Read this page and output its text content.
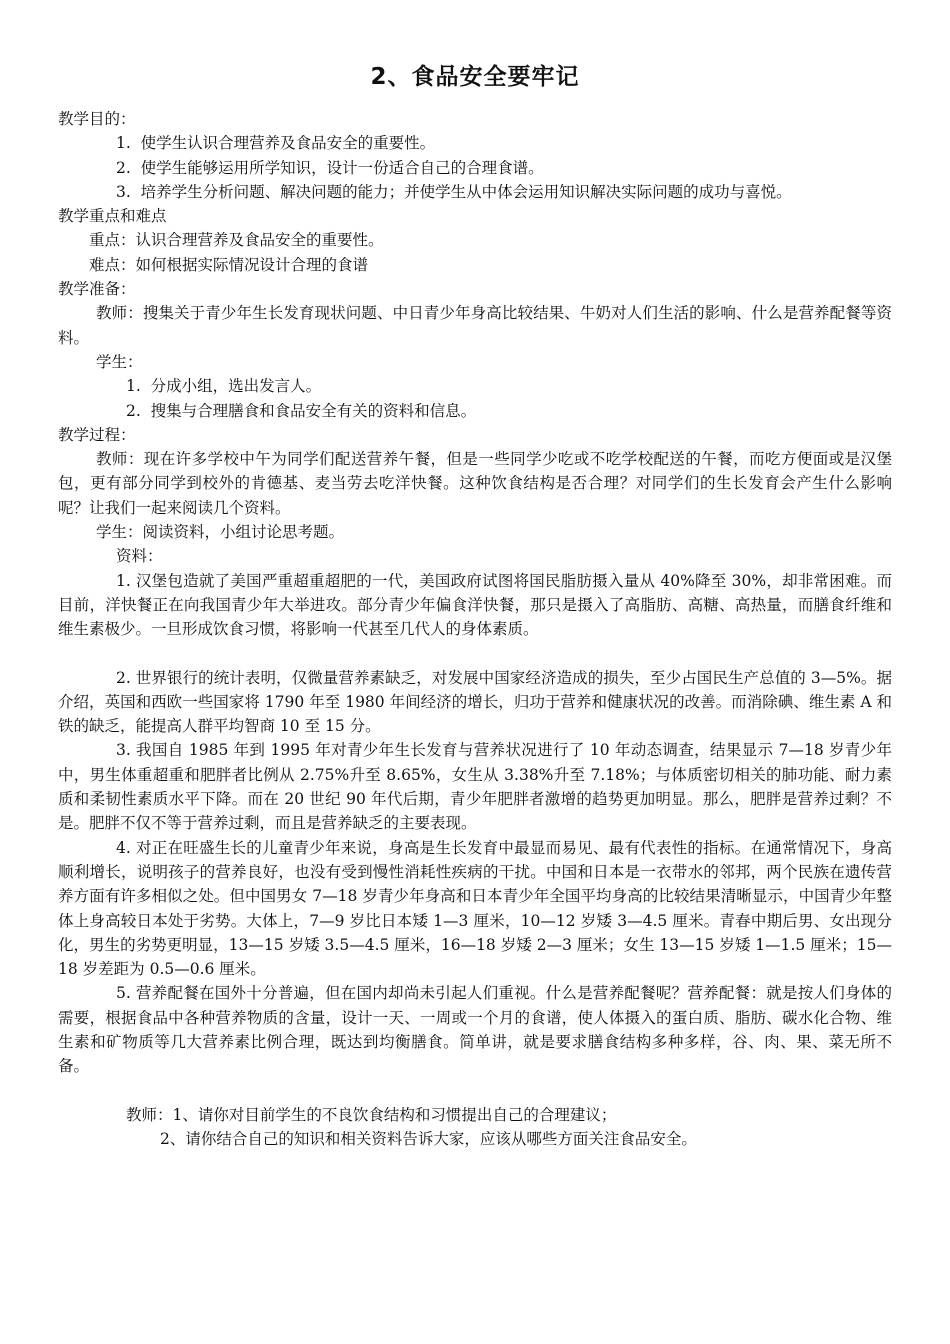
2、食品安全要牢记

教学目的：

1.  使学生认识合理营养及食品安全的重要性。

2.  使学生能够运用所学知识，设计一份适合自己的合理食谱。

3.  培养学生分析问题、解决问题的能力；并使学生从中体会运用知识解决实际问题的成功与喜悦。

教学重点和难点

重点：认识合理营养及食品安全的重要性。

难点：如何根据实际情况设计合理的食谱

教学准备：

教师：搜集关于青少年生长发育现状问题、中日青少年身高比较结果、牛奶对人们生活的影响、什么是营养配餐等资料。

学生：

1.  分成小组，选出发言人。

2.  搜集与合理膳食和食品安全有关的资料和信息。

教学过程：

教师：现在许多学校中午为同学们配送营养午餐，但是一些同学少吃或不吃学校配送的午餐，而吃方便面或是汉堡包，更有部分同学到校外的肯德基、麦当劳去吃洋快餐。这种饮食结构是否合理？对同学们的生长发育会产生什么影响呢？让我们一起来阅读几个资料。

学生：阅读资料，小组讨论思考题。

资料：

1. 汉堡包造就了美国严重超重超肥的一代，美国政府试图将国民脂肪摄入量从 40%降至 30%，却非常困难。而目前，洋快餐正在向我国青少年大举进攻。部分青少年偏食洋快餐，那只是摄入了高脂肪、高糖、高热量，而膳食纤维和维生素极少。一旦形成饮食习惯，将影响一代甚至几代人的身体素质。

2. 世界银行的统计表明，仅微量营养素缺乏，对发展中国家经济造成的损失，至少占国民生产总值的 3—5%。据介绍，英国和西欧一些国家将 1790 年至 1980 年间经济的增长，归功于营养和健康状况的改善。而消除碘、维生素 A 和铁的缺乏，能提高人群平均智商 10 至 15 分。

3. 我国自 1985 年到 1995 年对青少年生长发育与营养状况进行了 10 年动态调查，结果显示 7—18 岁青少年中，男生体重超重和肥胖者比例从 2.75%升至 8.65%，女生从 3.38%升至 7.18%；与体质密切相关的肺功能、耐力素质和柔韧性素质水平下降。而在 20 世纪 90 年代后期，青少年肥胖者激增的趋势更加明显。那么，肥胖是营养过剩？不是。肥胖不仅不等于营养过剩，而且是营养缺乏的主要表现。

4. 对正在旺盛生长的儿童青少年来说，身高是生长发育中最显而易见、最有代表性的指标。在通常情况下，身高顺利增长，说明孩子的营养良好，也没有受到慢性消耗性疾病的干扰。中国和日本是一衣带水的邻邦，两个民族在遗传营养方面有许多相似之处。但中国男女 7—18 岁青少年身高和日本青少年全国平均身高的比较结果清晰显示，中国青少年整体上身高较日本处于劣势。大体上，7—9 岁比日本矮 1—3 厘米，10—12 岁矮 3—4.5 厘米。青春中期后男、女出现分化，男生的劣势更明显，13—15 岁矮 3.5—4.5 厘米，16—18 岁矮 2—3 厘米；女生 13—15 岁矮 1—1.5 厘米；15—18 岁差距为 0.5—0.6 厘米。

5. 营养配餐在国外十分普遍，但在国内却尚未引起人们重视。什么是营养配餐呢？营养配餐：就是按人们身体的需要，根据食品中各种营养物质的含量，设计一天、一周或一个月的食谱，使人体摄入的蛋白质、脂肪、碳水化合物、维生素和矿物质等几大营养素比例合理，既达到均衡膳食。简单讲，就是要求膳食结构多种多样，谷、肉、果、菜无所不备。

教师：1、请你对目前学生的不良饮食结构和习惯提出自己的合理建议；

2、请你结合自己的知识和相关资料告诉大家，应该从哪些方面关注食品安全。
